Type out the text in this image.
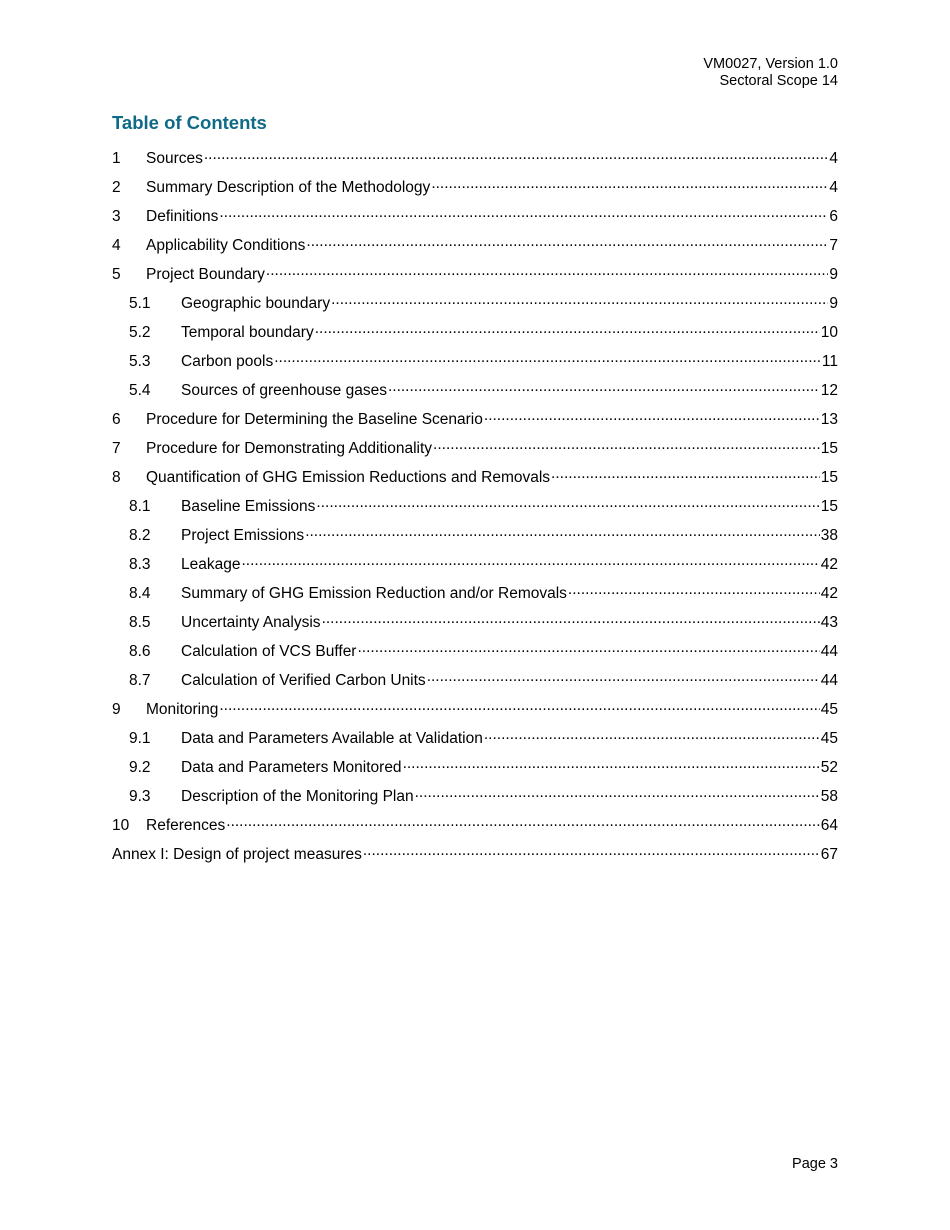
VM0027, Version 1.0
Sectoral Scope 14
Table of Contents
1	Sources .....	4
2	Summary Description of the Methodology .....	4
3	Definitions .....	6
4	Applicability Conditions .....	7
5	Project Boundary .....	9
5.1	Geographic boundary .....	9
5.2	Temporal boundary .....	10
5.3	Carbon pools .....	11
5.4	Sources of greenhouse gases .....	12
6	Procedure for Determining the Baseline Scenario .....	13
7	Procedure for Demonstrating Additionality .....	15
8	Quantification of GHG Emission Reductions and Removals .....	15
8.1	Baseline Emissions .....	15
8.2	Project Emissions .....	38
8.3	Leakage .....	42
8.4	Summary of GHG Emission Reduction and/or Removals .....	42
8.5	Uncertainty Analysis .....	43
8.6	Calculation of VCS Buffer .....	44
8.7	Calculation of Verified Carbon Units .....	44
9	Monitoring .....	45
9.1	Data and Parameters Available at Validation .....	45
9.2	Data and Parameters Monitored .....	52
9.3	Description of the Monitoring Plan .....	58
10	References .....	64
Annex I: Design of project measures .....	67
Page 3
